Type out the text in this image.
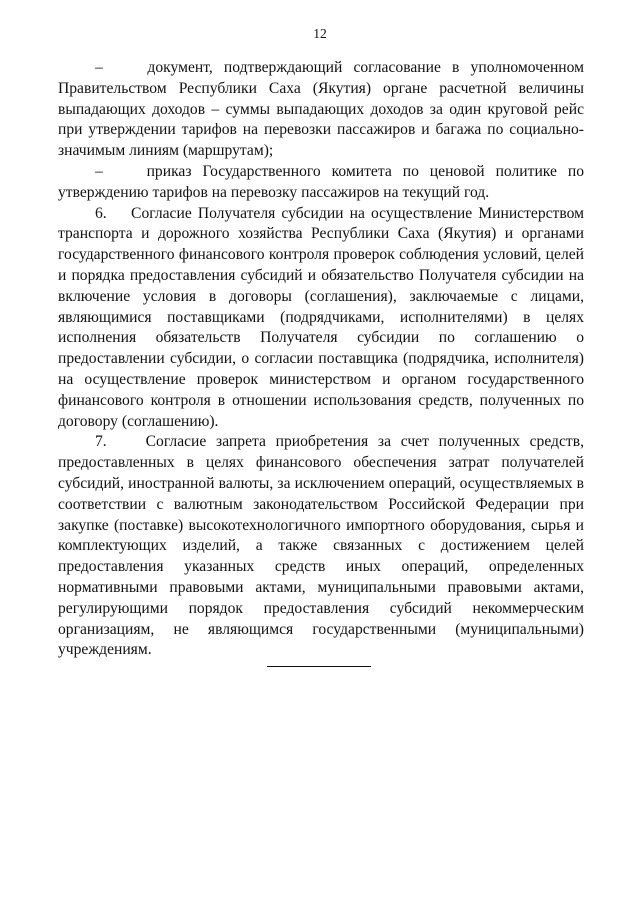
12

–    документ, подтверждающий согласование в уполномоченном Правительством Республики Саха (Якутия) органе расчетной величины выпадающих доходов – суммы выпадающих доходов за один круговой рейс при утверждении тарифов на перевозки пассажиров и багажа по социально-значимым линиям (маршрутам);

–    приказ Государственного комитета по ценовой политике по утверждению тарифов на перевозку пассажиров на текущий год.

6.    Согласие Получателя субсидии на осуществление Министерством транспорта и дорожного хозяйства Республики Саха (Якутия) и органами государственного финансового контроля проверок соблюдения условий, целей и порядка предоставления субсидий и обязательство Получателя субсидии на включение условия в договоры (соглашения), заключаемые с лицами, являющимися поставщиками (подрядчиками, исполнителями) в целях исполнения обязательств Получателя субсидии по соглашению о предоставлении субсидии, о согласии поставщика (подрядчика, исполнителя) на осуществление проверок министерством и органом государственного финансового контроля в отношении использования средств, полученных по договору (соглашению).

7.    Согласие запрета приобретения за счет полученных средств, предоставленных в целях финансового обеспечения затрат получателей субсидий, иностранной валюты, за исключением операций, осуществляемых в соответствии с валютным законодательством Российской Федерации при закупке (поставке) высокотехнологичного импортного оборудования, сырья и комплектующих изделий, а также связанных с достижением целей предоставления указанных средств иных операций, определенных нормативными правовыми актами, муниципальными правовыми актами, регулирующими порядок предоставления субсидий некоммерческим организациям, не являющимся государственными (муниципальными) учреждениям.
